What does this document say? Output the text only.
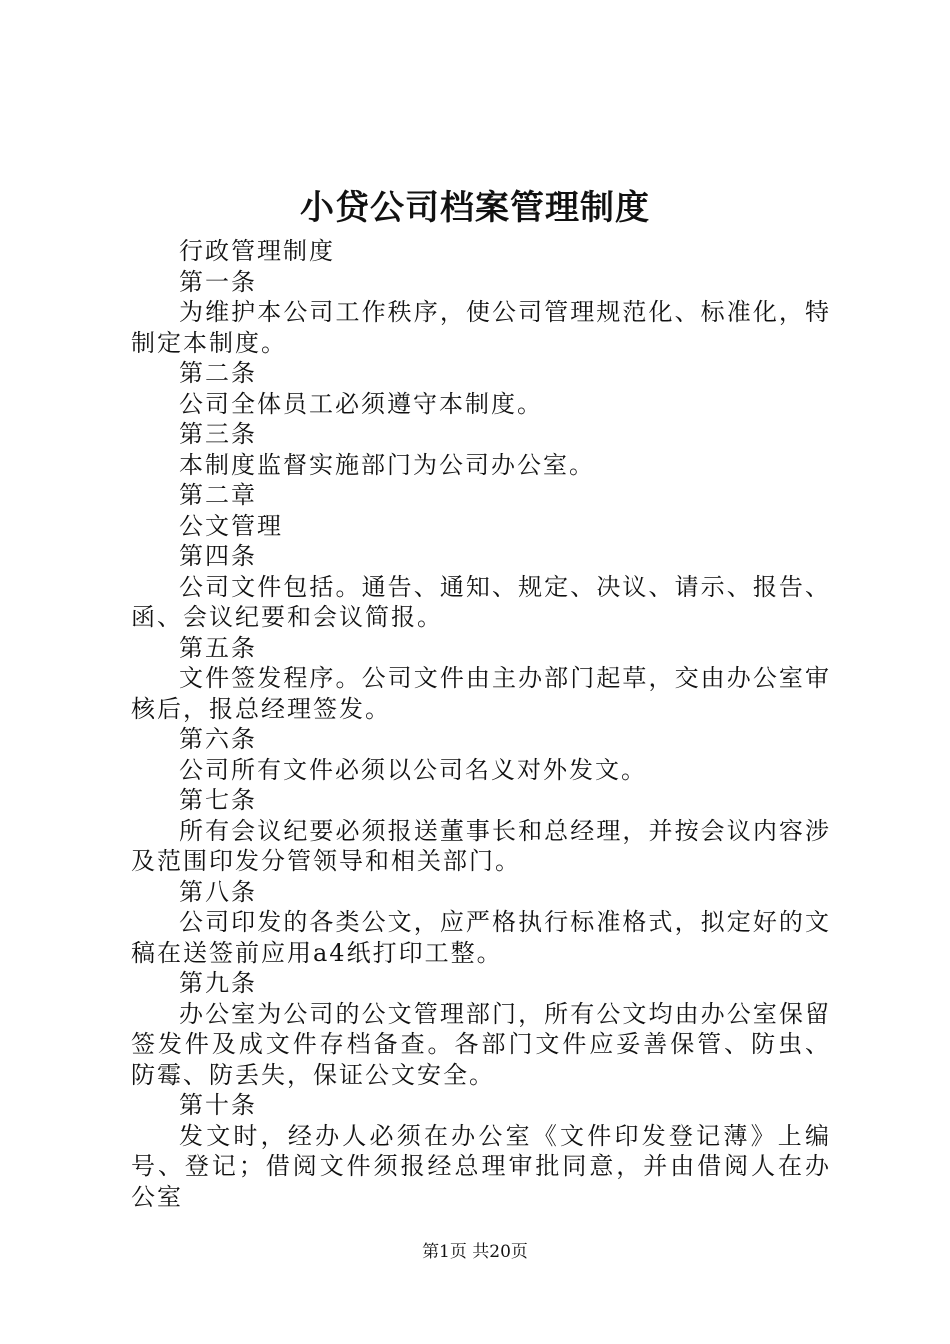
小贷公司档案管理制度

行政管理制度

第一条

为维护本公司工作秩序，使公司管理规范化、标准化，特制定本制度。

第二条

公司全体员工必须遵守本制度。

第三条

本制度监督实施部门为公司办公室。

第二章

公文管理

第四条

公司文件包括。通告、通知、规定、决议、请示、报告、函、会议纪要和会议简报。

第五条

文件签发程序。公司文件由主办部门起草，交由办公室审核后，报总经理签发。

第六条

公司所有文件必须以公司名义对外发文。

第七条

所有会议纪要必须报送董事长和总经理，并按会议内容涉及范围印发分管领导和相关部门。

第八条

公司印发的各类公文，应严格执行标准格式，拟定好的文稿在送签前应用a4纸打印工整。

第九条

办公室为公司的公文管理部门，所有公文均由办公室保留签发件及成文件存档备查。各部门文件应妥善保管、防虫、防霉、防丢失，保证公文安全。

第十条

发文时，经办人必须在办公室《文件印发登记薄》上编号、登记；借阅文件须报经总理审批同意，并由借阅人在办公室

第1页 共20页
